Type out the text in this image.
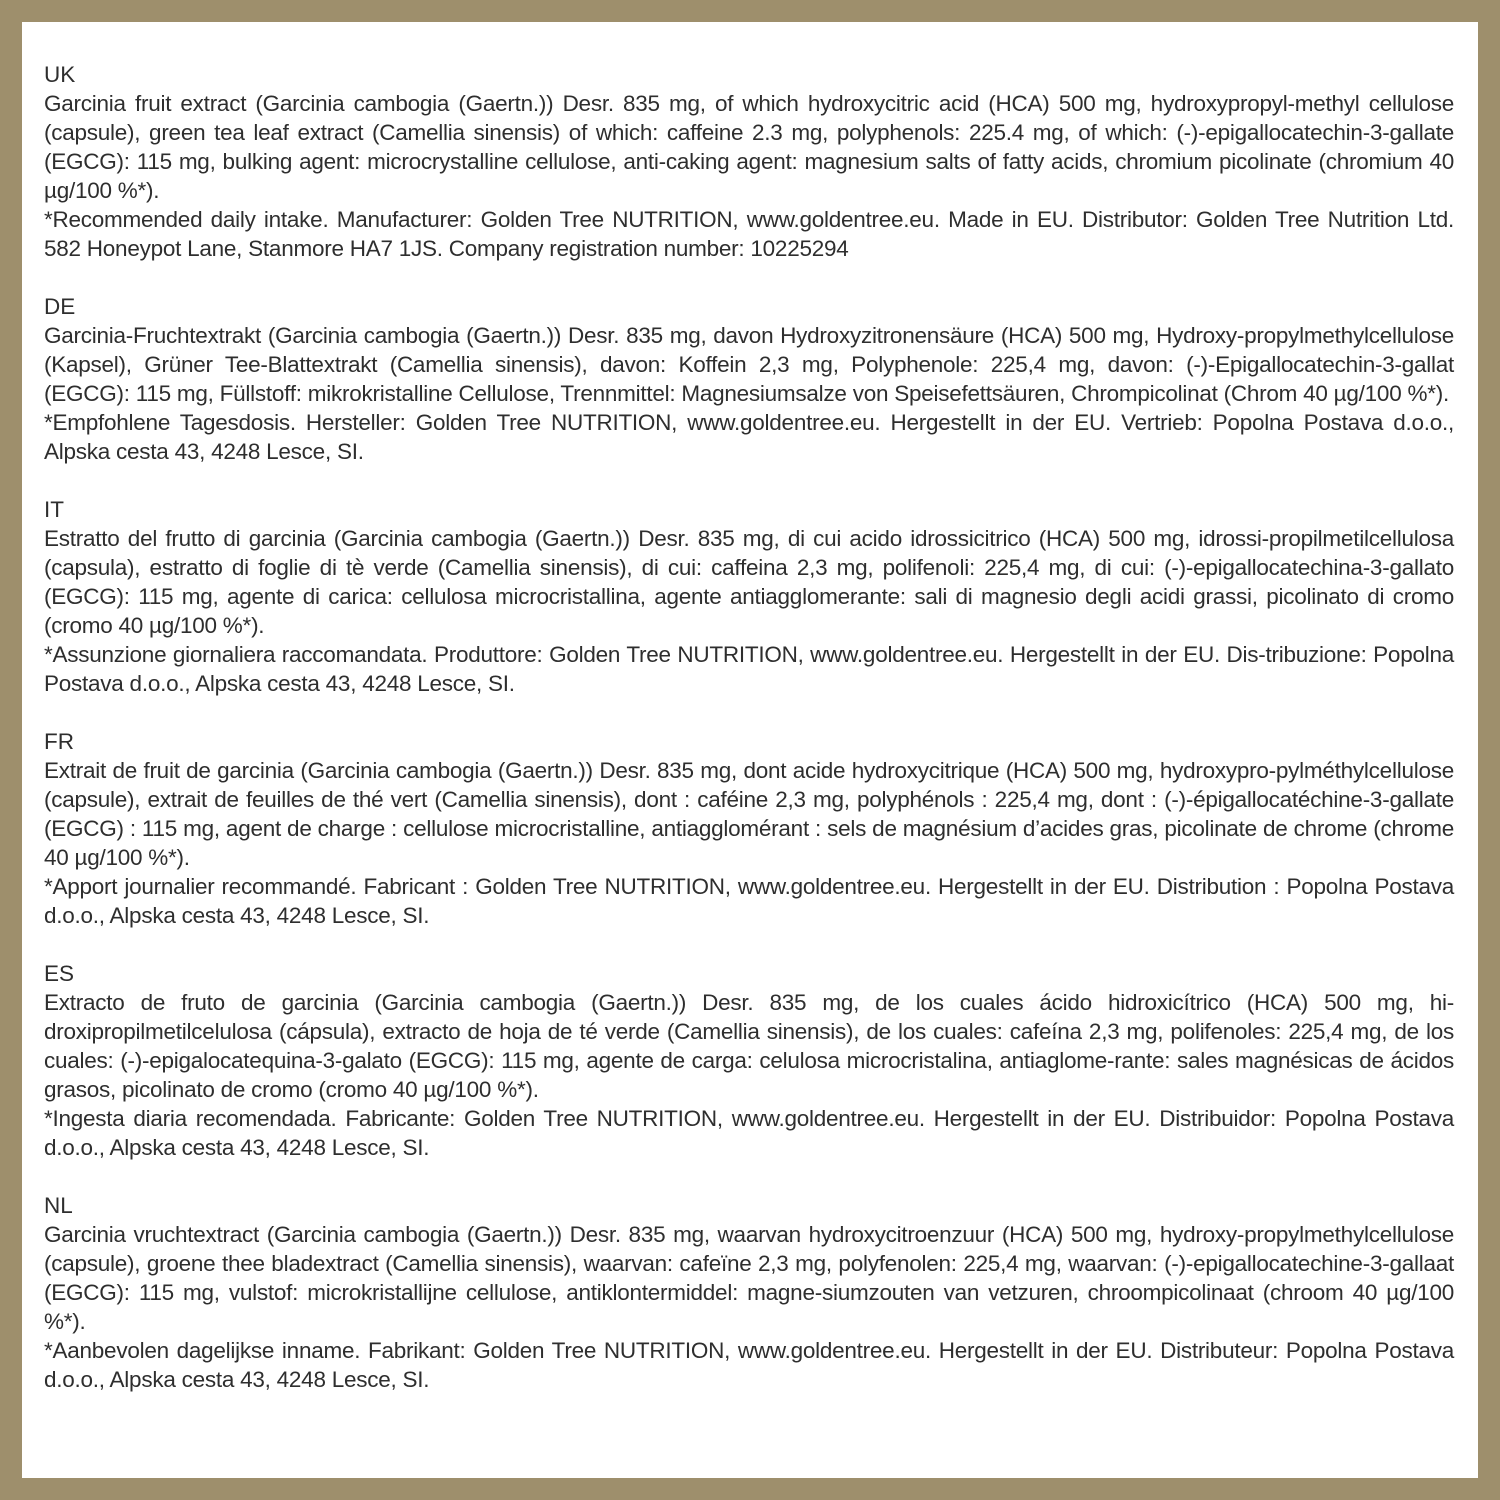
UK

Garcinia fruit extract (Garcinia cambogia (Gaertn.)) Desr. 835 mg, of which hydroxycitric acid (HCA) 500 mg, hydroxypropyl-methyl cellulose (capsule), green tea leaf extract (Camellia sinensis) of which: caffeine 2.3 mg, polyphenols: 225.4 mg, of which: (-)-epigallocatechin-3-gallate (EGCG): 115 mg, bulking agent: microcrystalline cellulose, anti-caking agent: magnesium salts of fatty acids, chromium picolinate (chromium 40 µg/100 %*).

*Recommended daily intake. Manufacturer: Golden Tree NUTRITION, www.goldentree.eu. Made in EU. Distributor: Golden Tree Nutrition Ltd. 582 Honeypot Lane, Stanmore HA7 1JS. Company registration number: 10225294

DE

Garcinia-Fruchtextrakt (Garcinia cambogia (Gaertn.)) Desr. 835 mg, davon Hydroxyzitronensäure (HCA) 500 mg, Hydroxy-propylmethylcellulose (Kapsel), Grüner Tee-Blattextrakt (Camellia sinensis), davon: Koffein 2,3 mg, Polyphenole: 225,4 mg, davon: (-)-Epigallocatechin-3-gallat (EGCG): 115 mg, Füllstoff: mikrokristalline Cellulose, Trennmittel: Magnesiumsalze von Speisefettsäuren, Chrompicolinat (Chrom 40 µg/100 %*).

*Empfohlene Tagesdosis. Hersteller: Golden Tree NUTRITION, www.goldentree.eu. Hergestellt in der EU. Vertrieb: Popolna Postava d.o.o., Alpska cesta 43, 4248 Lesce, SI.

IT

Estratto del frutto di garcinia (Garcinia cambogia (Gaertn.)) Desr. 835 mg, di cui acido idrossicitrico (HCA) 500 mg, idrossi-propilmetilcellulosa (capsula), estratto di foglie di tè verde (Camellia sinensis), di cui: caffeina 2,3 mg, polifenoli: 225,4 mg, di cui: (-)-epigallocatechina-3-gallato (EGCG): 115 mg, agente di carica: cellulosa microcristallina, agente antiagglomerante: sali di magnesio degli acidi grassi, picolinato di cromo (cromo 40 µg/100 %*).

*Assunzione giornaliera raccomandata. Produttore: Golden Tree NUTRITION, www.goldentree.eu. Hergestellt in der EU. Dis-tribuzione: Popolna Postava d.o.o., Alpska cesta 43, 4248 Lesce, SI.

FR

Extrait de fruit de garcinia (Garcinia cambogia (Gaertn.)) Desr. 835 mg, dont acide hydroxycitrique (HCA) 500 mg, hydroxypro-pylméthylcellulose (capsule), extrait de feuilles de thé vert (Camellia sinensis), dont : caféine 2,3 mg, polyphénols : 225,4 mg, dont : (-)-épigallocatéchine-3-gallate (EGCG) : 115 mg, agent de charge : cellulose microcristalline, antiagglomérant : sels de magnésium d’acides gras, picolinate de chrome (chrome 40 µg/100 %*).

*Apport journalier recommandé. Fabricant : Golden Tree NUTRITION, www.goldentree.eu. Hergestellt in der EU. Distribution : Popolna Postava d.o.o., Alpska cesta 43, 4248 Lesce, SI.

ES

Extracto de fruto de garcinia (Garcinia cambogia (Gaertn.)) Desr. 835 mg, de los cuales ácido hidroxicítrico (HCA) 500 mg, hi-droxipropilmetilcelulosa (cápsula), extracto de hoja de té verde (Camellia sinensis), de los cuales: cafeína 2,3 mg, polifenoles: 225,4 mg, de los cuales: (-)-epigalocatequina-3-galato (EGCG): 115 mg, agente de carga: celulosa microcristalina, antiaglome-rante: sales magnésicas de ácidos grasos, picolinato de cromo (cromo 40 µg/100 %*).

*Ingesta diaria recomendada. Fabricante: Golden Tree NUTRITION, www.goldentree.eu. Hergestellt in der EU. Distribuidor: Popolna Postava d.o.o., Alpska cesta 43, 4248 Lesce, SI.

NL

Garcinia vruchtextract (Garcinia cambogia (Gaertn.)) Desr. 835 mg, waarvan hydroxycitroenzuur (HCA) 500 mg, hydroxy-propylmethylcellulose (capsule), groene thee bladextract (Camellia sinensis), waarvan: cafeïne 2,3 mg, polyfenolen: 225,4 mg, waarvan: (-)-epigallocatechine-3-gallaat (EGCG): 115 mg, vulstof: microkristallijne cellulose, antiklontermiddel: magne-siumzouten van vetzuren, chroompicolinaat (chroom 40 µg/100 %*).

*Aanbevolen dagelijkse inname. Fabrikant: Golden Tree NUTRITION, www.goldentree.eu. Hergestellt in der EU. Distributeur: Popolna Postava d.o.o., Alpska cesta 43, 4248 Lesce, SI.
